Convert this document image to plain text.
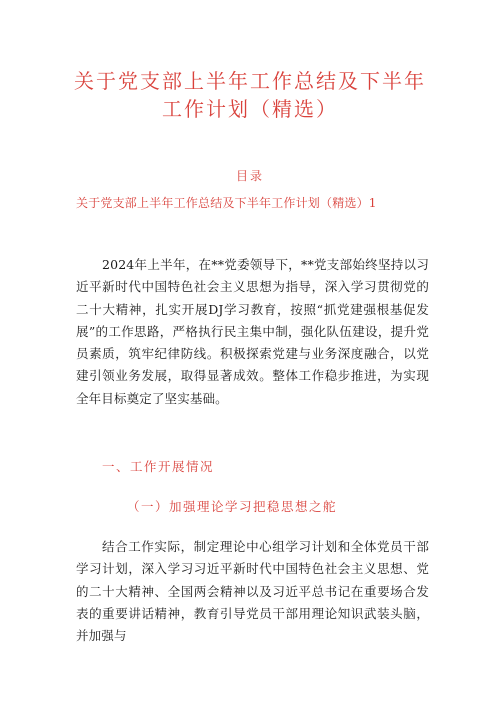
关于党支部上半年工作总结及下半年
工作计划（精选）
目录
关于党支部上半年工作总结及下半年工作计划（精选）1
2024年上半年，在**党委领导下，**党支部始终坚持以习近平新时代中国特色社会主义思想为指导，深入学习贯彻党的二十大精神，扎实开展DJ学习教育，按照“抓党建强根基促发展”的工作思路，严格执行民主集中制，强化队伍建设，提升党员素质，筑牢纪律防线。积极探索党建与业务深度融合，以党建引领业务发展，取得显著成效。整体工作稳步推进，为实现全年目标奠定了坚实基础。
一、工作开展情况
（一）加强理论学习把稳思想之舵
结合工作实际，制定理论中心组学习计划和全体党员干部学习计划，深入学习习近平新时代中国特色社会主义思想、党的二十大精神、全国两会精神以及习近平总书记在重要场合发表的重要讲话精神，教育引导党员干部用理论知识武装头脑，并加强与
